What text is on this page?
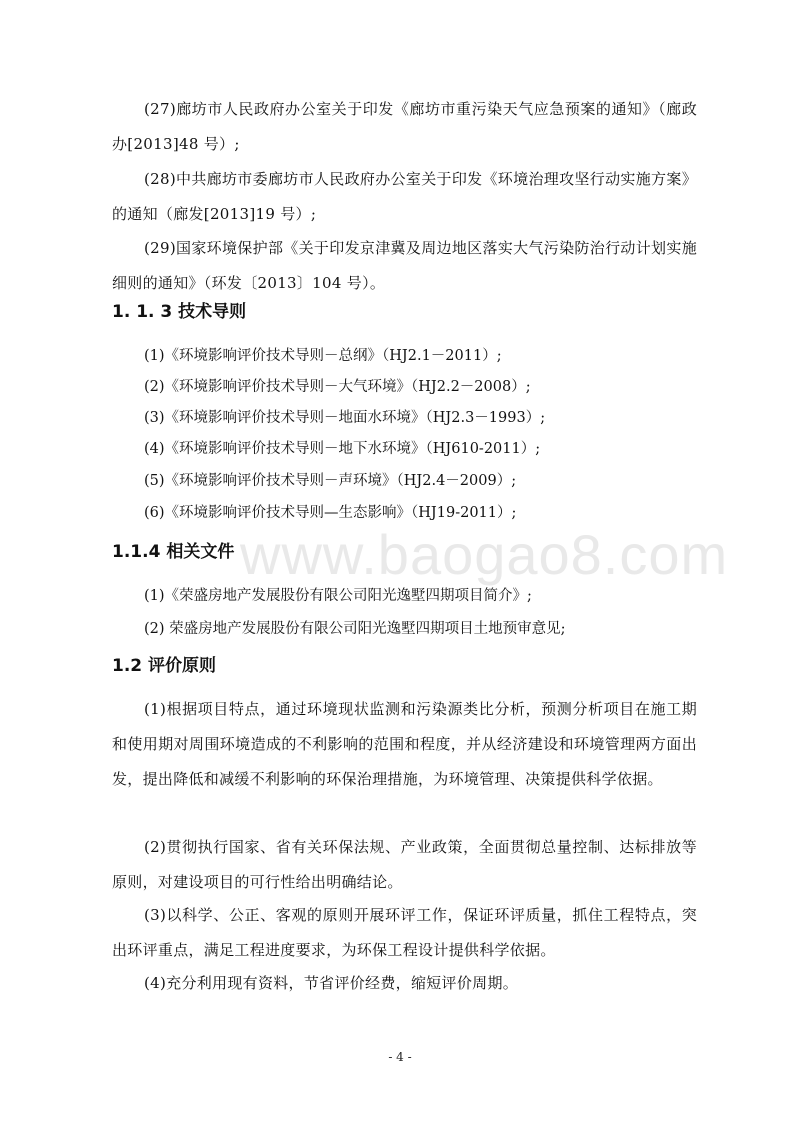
www.baogao8.com

(27)廊坊市人民政府办公室关于印发《廊坊市重污染天气应急预案的通知》（廊政办[2013]48 号）;

(28)中共廊坊市委廊坊市人民政府办公室关于印发《环境治理攻坚行动实施方案》的通知（廊发[2013]19 号）;

(29)国家环境保护部《关于印发京津冀及周边地区落实大气污染防治行动计划实施细则的通知》（环发〔2013〕104 号）。

1. 1. 3 技术导则

(1)《环境影响评价技术导则－总纲》（HJ2.1－2011）;

(2)《环境影响评价技术导则－大气环境》（HJ2.2－2008）;

(3)《环境影响评价技术导则－地面水环境》（HJ2.3－1993）;

(4)《环境影响评价技术导则－地下水环境》（HJ610-2011）;

(5)《环境影响评价技术导则－声环境》（HJ2.4－2009）;

(6)《环境影响评价技术导则—生态影响》（HJ19-2011）;

1.1.4 相关文件

(1)《荣盛房地产发展股份有限公司阳光逸墅四期项目简介》;

(2) 荣盛房地产发展股份有限公司阳光逸墅四期项目土地预审意见;

1.2 评价原则

(1)根据项目特点，通过环境现状监测和污染源类比分析，预测分析项目在施工期和使用期对周围环境造成的不利影响的范围和程度，并从经济建设和环境管理两方面出发，提出降低和减缓不利影响的环保治理措施，为环境管理、决策提供科学依据。

(2)贯彻执行国家、省有关环保法规、产业政策，全面贯彻总量控制、达标排放等原则，对建设项目的可行性给出明确结论。

(3)以科学、公正、客观的原则开展环评工作，保证环评质量，抓住工程特点，突出环评重点，满足工程进度要求，为环保工程设计提供科学依据。

(4)充分利用现有资料，节省评价经费，缩短评价周期。

- 4 -
